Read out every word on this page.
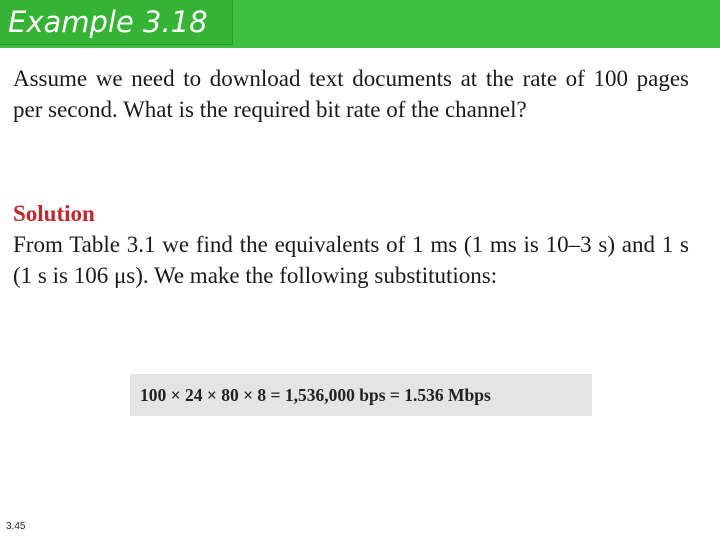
Example 3.18

Assume we need to download text documents at the rate of 100 pages per second. What is the required bit rate of the channel?

Solution
From Table 3.1 we find the equivalents of 1 ms (1 ms is 10–3 s) and 1 s (1 s is 106 μs). We make the following substitutions:
100 × 24 × 80 × 8 = 1,536,000 bps = 1.536 Mbps
3.45
